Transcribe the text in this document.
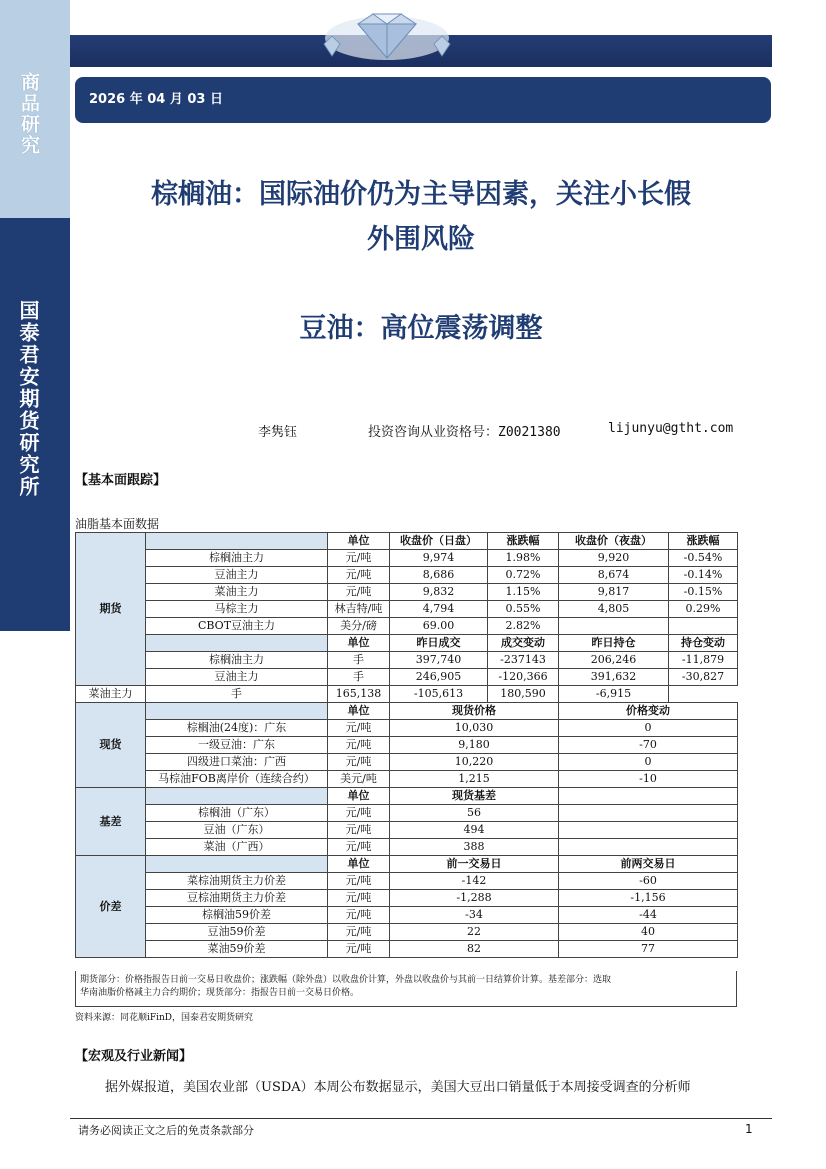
商品研究
国泰君安期货研究所
2026 年 04 月 03 日
棕榈油：国际油价仍为主导因素，关注小长假
外围风险
豆油：高位震荡调整
李隽钰	投资咨询从业资格号：Z0021380	lijunyu@gtht.com
【基本面跟踪】
油脂基本面数据
期货		单位	收盘价（日盘）	涨跌幅	收盘价（夜盘）	涨跌幅
	棕榈油主力	元/吨	9,974	1.98%	9,920	-0.54%
	豆油主力	元/吨	8,686	0.72%	8,674	-0.14%
	菜油主力	元/吨	9,832	1.15%	9,817	-0.15%
	马棕主力	林吉特/吨	4,794	0.55%	4,805	0.29%
	CBOT豆油主力	美分/磅	69.00	2.82%		
		单位	昨日成交	成交变动	昨日持仓	持仓变动
	棕榈油主力	手	397,740	-237143	206,246	-11,879
	豆油主力	手	246,905	-120,366	391,632	-30,827
菜油主力	手	165,138	-105,613	180,590	-6,915	
现货		单位	现货价格		价格变动	
	棕榈油(24度)：广东	元/吨	10,030		0	
	一级豆油：广东	元/吨	9,180		-70	
	四级进口菜油：广西	元/吨	10,220		0	
	马棕油FOB离岸价（连续合约）	美元/吨	1,215		-10	
基差		单位	现货基差			
	棕榈油（广东）	元/吨	56			
	豆油（广东）	元/吨	494			
	菜油（广西）	元/吨	388			
价差		单位	前一交易日		前两交易日	
	菜棕油期货主力价差	元/吨	-142		-60	
	豆棕油期货主力价差	元/吨	-1,288		-1,156	
	棕榈油59价差	元/吨	-34		-44	
	豆油59价差	元/吨	22		40	
	菜油59价差	元/吨	82		77	
期货部分：价格指报告日前一交易日收盘价；涨跌幅（除外盘）以收盘价计算，外盘以收盘价与其前一日结算价计算。基差部分：选取
华南油脂价格减主力合约期价；现货部分：指报告日前一交易日价格。
资料来源：同花顺iFinD，国泰君安期货研究
【宏观及行业新闻】
据外媒报道，美国农业部（USDA）本周公布数据显示，美国大豆出口销量低于本周接受调查的分析师
请务必阅读正文之后的免责条款部分	1
